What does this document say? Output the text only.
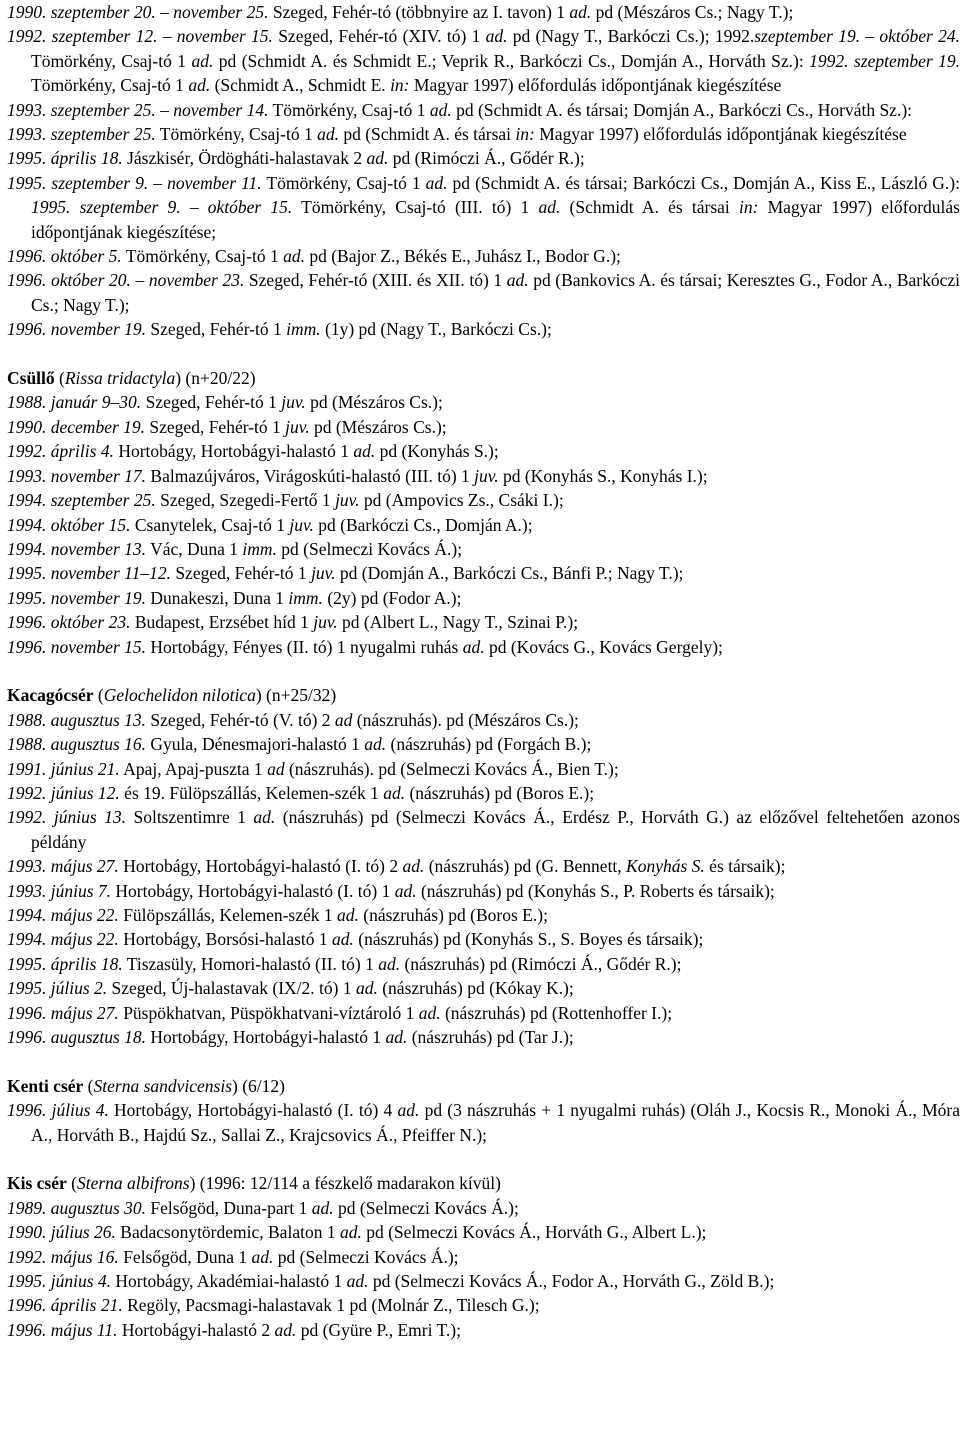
1990. szeptember 20. – november 25. Szeged, Fehér-tó (többnyire az I. tavon) 1 ad. pd (Mészáros Cs.; Nagy T.);

1992. szeptember 12. – november 15. Szeged, Fehér-tó (XIV. tó) 1 ad. pd (Nagy T., Barkóczi Cs.); 1992.szeptember 19. – október 24. Tömörkény, Csaj-tó 1 ad. pd (Schmidt A. és Schmidt E.; Veprik R., Barkóczi Cs., Domján A., Horváth Sz.): 1992. szeptember 19. Tömörkény, Csaj-tó 1 ad. (Schmidt A., Schmidt E. in: Magyar 1997) előfordulás időpontjának kiegészítése

1993. szeptember 25. – november 14. Tömörkény, Csaj-tó 1 ad. pd (Schmidt A. és társai; Domján A., Barkóczi Cs., Horváth Sz.):

1993. szeptember 25. Tömörkény, Csaj-tó 1 ad. pd (Schmidt A. és társai in: Magyar 1997) előfordulás időpontjának kiegészítése

1995. április 18. Jászkisér, Ördögháti-halastavak 2 ad. pd (Rimóczi Á., Gődér R.);

1995. szeptember 9. – november 11. Tömörkény, Csaj-tó 1 ad. pd (Schmidt A. és társai; Barkóczi Cs., Domján A., Kiss E., László G.): 1995. szeptember 9. – október 15. Tömörkény, Csaj-tó (III. tó) 1 ad. (Schmidt A. és társai in: Magyar 1997) előfordulás időpontjának kiegészítése;

1996. október 5. Tömörkény, Csaj-tó 1 ad. pd (Bajor Z., Békés E., Juhász I., Bodor G.);

1996. október 20. – november 23. Szeged, Fehér-tó (XIII. és XII. tó) 1 ad. pd (Bankovics A. és társai; Keresztes G., Fodor A., Barkóczi Cs.; Nagy T.);

1996. november 19. Szeged, Fehér-tó 1 imm. (1y) pd (Nagy T., Barkóczi Cs.);

Csüllő (Rissa tridactyla) (n+20/22)

1988. január 9–30. Szeged, Fehér-tó 1 juv. pd (Mészáros Cs.);

1990. december 19. Szeged, Fehér-tó 1 juv. pd (Mészáros Cs.);

1992. április 4. Hortobágy, Hortobágyi-halastó 1 ad. pd (Konyhás S.);

1993. november 17. Balmazújváros, Virágoskúti-halastó (III. tó) 1 juv. pd (Konyhás S., Konyhás I.);

1994. szeptember 25. Szeged, Szegedi-Fertő 1 juv. pd (Ampovics Zs., Csáki I.);

1994. október 15. Csanytelek, Csaj-tó 1 juv. pd (Barkóczi Cs., Domján A.);

1994. november 13. Vác, Duna 1 imm. pd (Selmeczi Kovács Á.);

1995. november 11–12. Szeged, Fehér-tó 1 juv. pd (Domján A., Barkóczi Cs., Bánfi P.; Nagy T.);

1995. november 19. Dunakeszi, Duna 1 imm. (2y) pd (Fodor A.);

1996. október 23. Budapest, Erzsébet híd 1 juv. pd (Albert L., Nagy T., Szinai P.);

1996. november 15. Hortobágy, Fényes (II. tó) 1 nyugalmi ruhás ad. pd (Kovács G., Kovács Gergely);

Kacagócsér (Gelochelidon nilotica) (n+25/32)

1988. augusztus 13. Szeged, Fehér-tó (V. tó) 2 ad (nászruhás). pd (Mészáros Cs.);

1988. augusztus 16. Gyula, Dénesmajori-halastó 1 ad. (nászruhás) pd (Forgách B.);

1991. június 21. Apaj, Apaj-puszta 1 ad (nászruhás). pd (Selmeczi Kovács Á., Bien T.);

1992. június 12. és 19. Fülöpszállás, Kelemen-szék 1 ad. (nászruhás) pd (Boros E.);

1992. június 13. Soltszentimre 1 ad. (nászruhás) pd (Selmeczi Kovács Á., Erdész P., Horváth G.) az előzővel feltehetően azonos példány

1993. május 27. Hortobágy, Hortobágyi-halastó (I. tó) 2 ad. (nászruhás) pd (G. Bennett, Konyhás S. és társaik);

1993. június 7. Hortobágy, Hortobágyi-halastó (I. tó) 1 ad. (nászruhás) pd (Konyhás S., P. Roberts és társaik);

1994. május 22. Fülöpszállás, Kelemen-szék 1 ad. (nászruhás) pd (Boros E.);

1994. május 22. Hortobágy, Borsósi-halastó 1 ad. (nászruhás) pd (Konyhás S., S. Boyes és társaik);

1995. április 18. Tiszasüly, Homori-halastó (II. tó) 1 ad. (nászruhás) pd (Rimóczi Á., Gődér R.);

1995. július 2. Szeged, Új-halastavak (IX/2. tó) 1 ad. (nászruhás) pd (Kókay K.);

1996. május 27. Püspökhatvan, Püspökhatvani-víztároló 1 ad. (nászruhás) pd (Rottenhoffer I.);

1996. augusztus 18. Hortobágy, Hortobágyi-halastó 1 ad. (nászruhás) pd (Tar J.);

Kenti csér (Sterna sandvicensis) (6/12)

1996. július 4. Hortobágy, Hortobágyi-halastó (I. tó) 4 ad. pd (3 nászruhás + 1 nyugalmi ruhás) (Oláh J., Kocsis R., Monoki Á., Móra A., Horváth B., Hajdú Sz., Sallai Z., Krajcsovics Á., Pfeiffer N.);

Kis csér (Sterna albifrons) (1996: 12/114 a fészkelő madarakon kívül)

1989. augusztus 30. Felsőgöd, Duna-part 1 ad. pd (Selmeczi Kovács Á.);

1990. július 26. Badacsonytördemic, Balaton 1 ad. pd (Selmeczi Kovács Á., Horváth G., Albert L.);

1992. május 16. Felsőgöd, Duna 1 ad. pd (Selmeczi Kovács Á.);

1995. június 4. Hortobágy, Akadémiai-halastó 1 ad. pd (Selmeczi Kovács Á., Fodor A., Horváth G., Zöld B.);

1996. április 21. Regöly, Pacsmagi-halastavak 1 pd (Molnár Z., Tilesch G.);

1996. május 11. Hortobágyi-halastó 2 ad. pd (Gyüre P., Emri T.);
